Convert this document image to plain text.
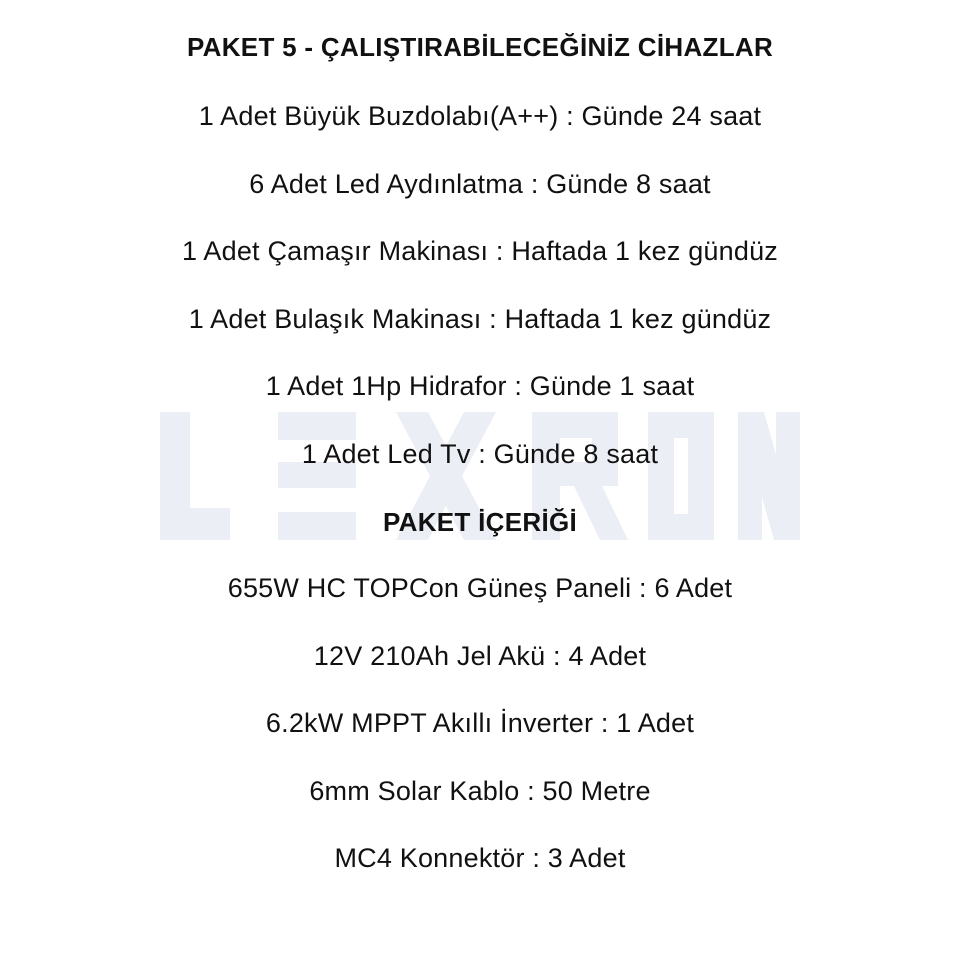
PAKET 5 - ÇALIŞTIRABİLECEĞİNİZ CİHAZLAR
1 Adet Büyük Buzdolabı(A++) : Günde 24 saat
6 Adet Led Aydınlatma : Günde 8 saat
1 Adet Çamaşır Makinası : Haftada 1 kez gündüz
1 Adet Bulaşık Makinası : Haftada 1 kez gündüz
1 Adet 1Hp Hidrafor : Günde 1 saat
1 Adet Led Tv : Günde 8 saat
PAKET İÇERİĞİ
655W HC TOPCon Güneş Paneli : 6 Adet
12V 210Ah Jel Akü : 4 Adet
6.2kW MPPT Akıllı İnverter : 1 Adet
6mm Solar Kablo : 50 Metre
MC4 Konnektör : 3 Adet
